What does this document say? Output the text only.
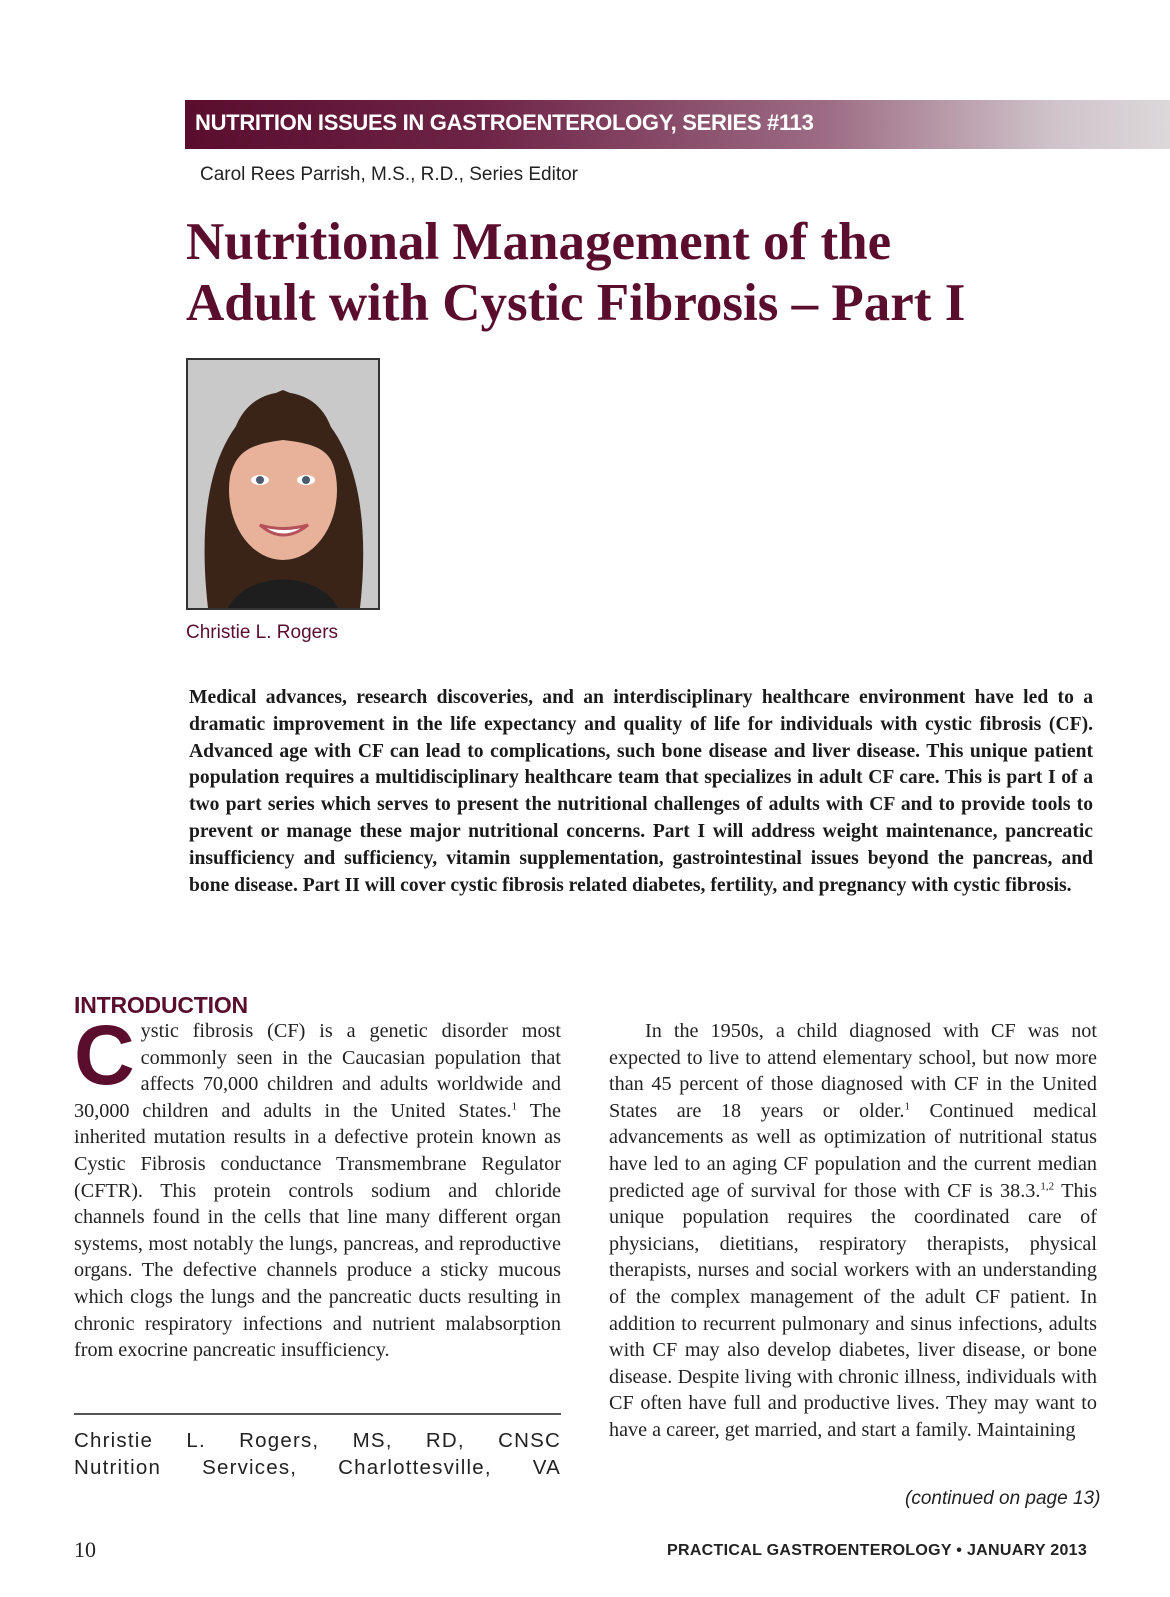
NUTRITION ISSUES IN GASTROENTEROLOGY, SERIES #113
Carol Rees Parrish, M.S., R.D., Series Editor
Nutritional Management of the
Adult with Cystic Fibrosis – Part I
Christie L. Rogers
Medical advances, research discoveries, and an interdisciplinary healthcare environment have led to a dramatic improvement in the life expectancy and quality of life for individuals with cystic fibrosis (CF). Advanced age with CF can lead to complications, such bone disease and liver disease. This unique patient population requires a multidisciplinary healthcare team that specializes in adult CF care. This is part I of a two part series which serves to present the nutritional challenges of adults with CF and to provide tools to prevent or manage these major nutritional concerns. Part I will address weight maintenance, pancreatic insufficiency and sufficiency, vitamin supplementation, gastrointestinal issues beyond the pancreas, and bone disease. Part II will cover cystic fibrosis related diabetes, fertility, and pregnancy with cystic fibrosis.
INTRODUCTION
Cystic fibrosis (CF) is a genetic disorder most commonly seen in the Caucasian population that affects 70,000 children and adults worldwide and 30,000 children and adults in the United States.$^1$ The inherited mutation results in a defective protein known as Cystic Fibrosis conductance Transmembrane Regulator (CFTR). This protein controls sodium and chloride channels found in the cells that line many different organ systems, most notably the lungs, pancreas, and reproductive organs. The defective channels produce a sticky mucous which clogs the lungs and the pancreatic ducts resulting in chronic respiratory infections and nutrient malabsorption from exocrine pancreatic insufficiency.
Christie L. Rogers, MS, RD, CNSC
Nutrition Services, Charlottesville, VA
In the 1950s, a child diagnosed with CF was not expected to live to attend elementary school, but now more than 45 percent of those diagnosed with CF in the United States are 18 years or older.$^1$ Continued medical advancements as well as optimization of nutritional status have led to an aging CF population and the current median predicted age of survival for those with CF is 38.3.$^{1,2}$ This unique population requires the coordinated care of physicians, dietitians, respiratory therapists, physical therapists, nurses and social workers with an understanding of the complex management of the adult CF patient. In addition to recurrent pulmonary and sinus infections, adults with CF may also develop diabetes, liver disease, or bone disease. Despite living with chronic illness, individuals with CF often have full and productive lives. They may want to have a career, get married, and start a family. Maintaining
(continued on page 13)
10	PRACTICAL GASTROENTEROLOGY • JANUARY 2013
